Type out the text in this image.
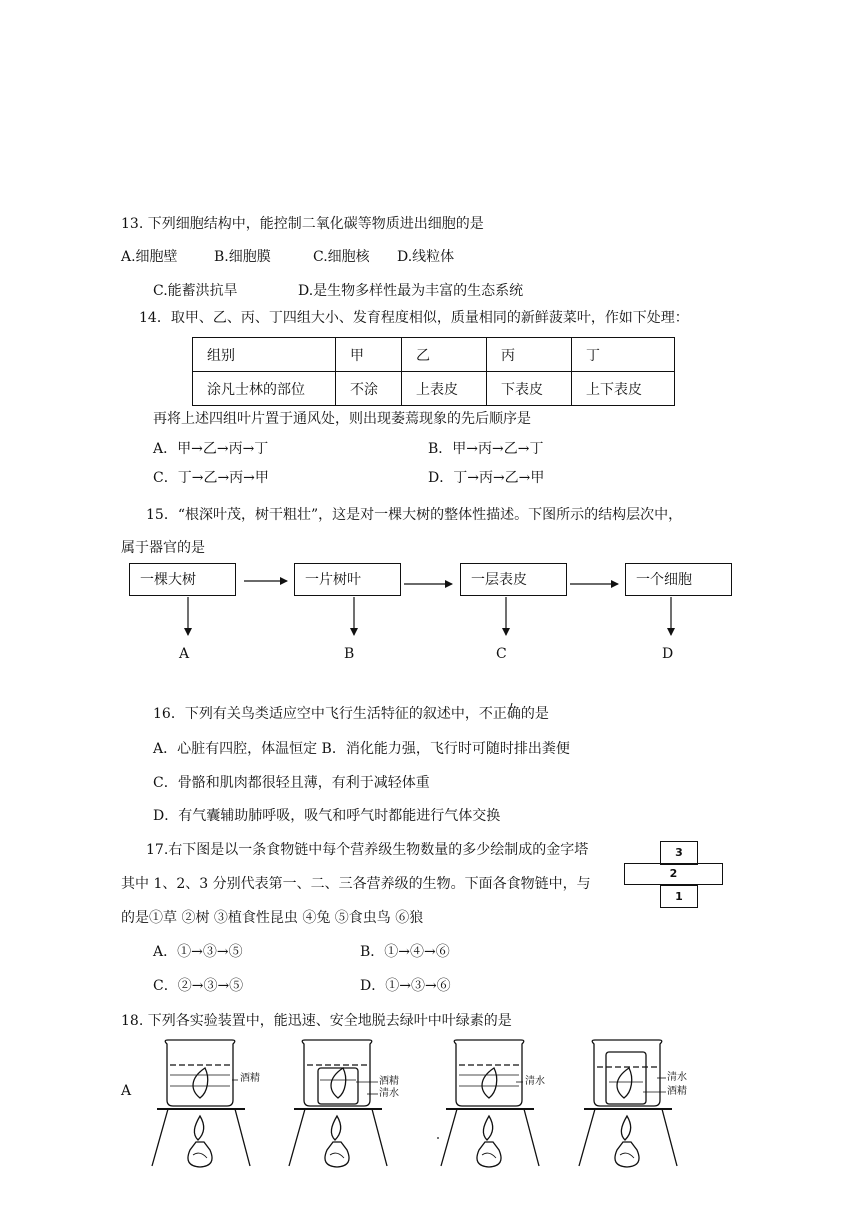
13. 下列细胞结构中，能控制二氧化碳等物质进出细胞的是
A.细胞壁	B.细胞膜	C.细胞核 D.线粒体
C.能蓄洪抗旱	D.是生物多样性最为丰富的生态系统
14．取甲、乙、丙、丁四组大小、发育程度相似，质量相同的新鲜菠菜叶，作如下处理：
组别	甲	乙	丙	丁
涂凡士林的部位	不涂	上表皮	下表皮	上下表皮
再将上述四组叶片置于通风处，则出现萎蔫现象的先后顺序是
A．甲→乙→丙→丁	B．甲→丙→乙→丁
C．丁→乙→丙→甲	D．丁→丙→乙→甲
15．“根深叶茂，树干粗壮”，这是对一棵大树的整体性描述。下图所示的结构层次中，
属于器官的是
一棵大树	一片树叶	一层表皮	一个细胞
A	B	C	D
16．下列有关鸟类适应空中飞行生活特征的叙述中，不正确的是
A．心脏有四腔，体温恒定 B．消化能力强，飞行时可随时排出粪便
C．骨骼和肌肉都很轻且薄，有利于减轻体重
D．有气囊辅助肺呼吸，吸气和呼气时都能进行气体交换
17.右下图是以一条食物链中每个营养级生物数量的多少绘制成的金字塔
其中 1、2、3 分别代表第一、二、三各营养级的生物。下面各食物链中，与
的是①草 ②树 ③植食性昆虫 ④兔 ⑤食虫鸟 ⑥狼
3
2
1
A．①→③→⑤	B．①→④→⑥
C．②→③→⑤	D．①→③→⑥
18. 下列各实验装置中，能迅速、安全地脱去绿叶中叶绿素的是
A
酒精	酒精
清水
清水	清水
酒精
